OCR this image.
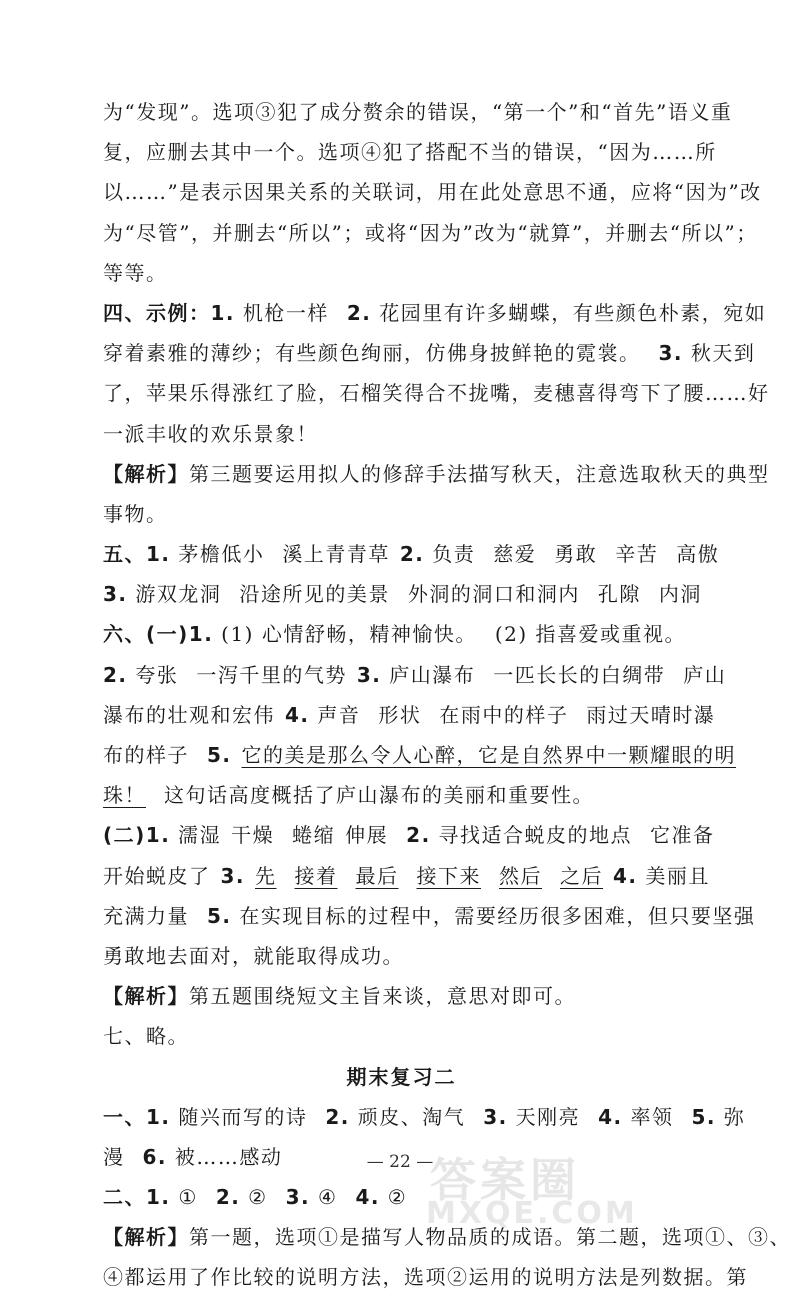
为“发现”。选项③犯了成分赘余的错误，“第一个”和“首先”语义重
复，应删去其中一个。选项④犯了搭配不当的错误，“因为……所
以……”是表示因果关系的关联词，用在此处意思不通，应将“因为”改
为“尽管”，并删去“所以”；或将“因为”改为“就算”，并删去“所以”；
等等。
四、示例：1. 机枪一样 2. 花园里有许多蝴蝶，有些颜色朴素，宛如
穿着素雅的薄纱；有些颜色绚丽，仿佛身披鲜艳的霓裳。 3. 秋天到
了，苹果乐得涨红了脸，石榴笑得合不拢嘴，麦穗喜得弯下了腰……好
一派丰收的欢乐景象！
【解析】第三题要运用拟人的修辞手法描写秋天，注意选取秋天的典型
事物。
五、1. 茅檐低小 溪上青青草 2. 负责 慈爱 勇敢 辛苦 高傲
3. 游双龙洞 沿途所见的美景 外洞的洞口和洞内 孔隙 内洞
六、(一)1. (1) 心情舒畅，精神愉快。 (2) 指喜爱或重视。
2. 夸张 一泻千里的气势 3. 庐山瀑布 一匹长长的白绸带 庐山
瀑布的壮观和宏伟 4. 声音 形状 在雨中的样子 雨过天晴时瀑
布的样子 5. 它的美是那么令人心醉，它是自然界中一颗耀眼的明
珠！ 这句话高度概括了庐山瀑布的美丽和重要性。
(二)1. 濡湿 干燥 蜷缩 伸展 2. 寻找适合蜕皮的地点 它准备
开始蜕皮了 3. 先 接着 最后 接下来 然后 之后 4. 美丽且
充满力量 5. 在实现目标的过程中，需要经历很多困难，但只要坚强
勇敢地去面对，就能取得成功。
【解析】第五题围绕短文主旨来谈，意思对即可。
七、略。
期末复习二
一、1. 随兴而写的诗 2. 顽皮、淘气 3. 天刚亮 4. 率领 5. 弥
漫 6. 被……感动
二、1. ① 2. ② 3. ④ 4. ②
【解析】第一题，选项①是描写人物品质的成语。第二题，选项①、③、
④都运用了作比较的说明方法，选项②运用的说明方法是列数据。第
— 22 —
答案圈
MXQE.COM
